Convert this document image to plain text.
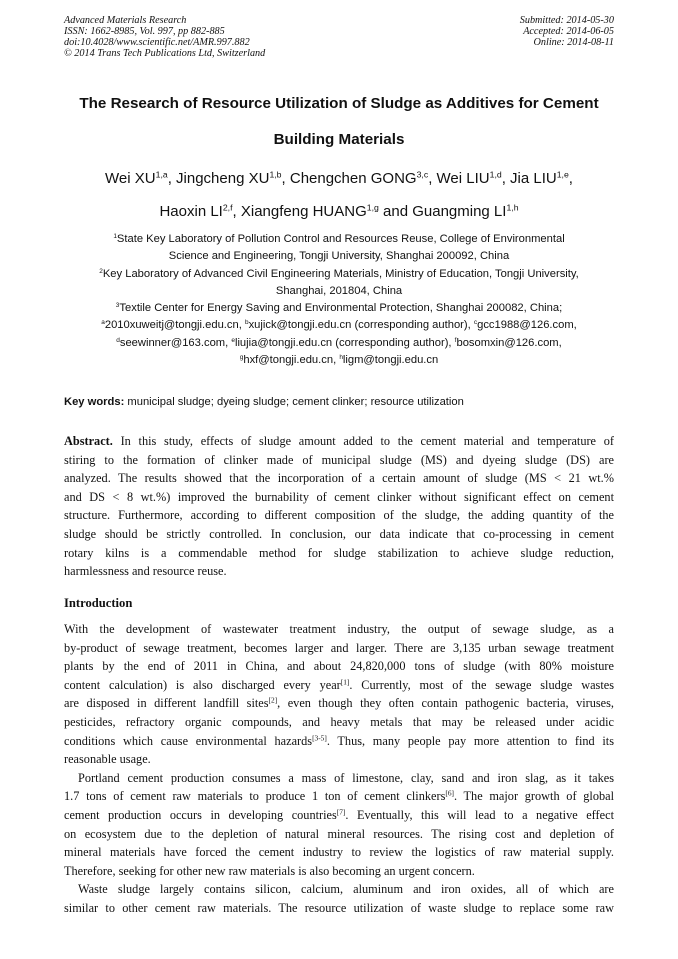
Advanced Materials Research
ISSN: 1662-8985, Vol. 997, pp 882-885
doi:10.4028/www.scientific.net/AMR.997.882
© 2014 Trans Tech Publications Ltd, Switzerland
Submitted: 2014-05-30
Accepted: 2014-06-05
Online: 2014-08-11
The Research of Resource Utilization of Sludge as Additives for Cement
Building Materials
Wei XU$^{1,a}$, Jingcheng XU$^{1,b}$, Chengchen GONG$^{3,c}$, Wei LIU$^{1,d}$, Jia LIU$^{1,e}$,
Haoxin LI$^{2,f}$, Xiangfeng HUANG$^{1,g}$ and Guangming LI$^{1,h}$
$^1$State Key Laboratory of Pollution Control and Resources Reuse, College of Environmental
Science and Engineering, Tongji University, Shanghai 200092, China
$^2$Key Laboratory of Advanced Civil Engineering Materials, Ministry of Education, Tongji University,
Shanghai, 201804, China
$^3$Textile Center for Energy Saving and Environmental Protection, Shanghai 200082, China;
$^a$2010xuweitj@tongji.edu.cn, $^b$xujick@tongji.edu.cn (corresponding author), $^c$gcc1988@126.com,
$^d$seewinner@163.com, $^e$liujia@tongji.edu.cn (corresponding author), $^f$bosomxin@126.com,
$^g$hxf@tongji.edu.cn, $^h$ligm@tongji.edu.cn
Key words: municipal sludge; dyeing sludge; cement clinker; resource utilization
Abstract. In this study, effects of sludge amount added to the cement material and temperature of
stiring to the formation of clinker made of municipal sludge (MS) and dyeing sludge (DS) are
analyzed. The results showed that the incorporation of a certain amount of sludge (MS < 21 wt.%
and DS < 8 wt.%) improved the burnability of cement clinker without significant effect on cement
structure. Furthermore, according to different composition of the sludge, the adding quantity of the
sludge should be strictly controlled. In conclusion, our data indicate that co-processing in cement
rotary kilns is a commendable method for sludge stabilization to achieve sludge reduction,
harmlessness and resource reuse.
Introduction
With the development of wastewater treatment industry, the output of sewage sludge, as a
by-product of sewage treatment, becomes larger and larger. There are 3,135 urban sewage treatment
plants by the end of 2011 in China, and about 24,820,000 tons of sludge (with 80% moisture
content calculation) is also discharged every year[1]. Currently, most of the sewage sludge wastes
are disposed in different landfill sites[2], even though they often contain pathogenic bacteria, viruses,
pesticides, refractory organic compounds, and heavy metals that may be released under acidic
conditions which cause environmental hazards[3-5]. Thus, many people pay more attention to find its
reasonable usage.
Portland cement production consumes a mass of limestone, clay, sand and iron slag, as it takes
1.7 tons of cement raw materials to produce 1 ton of cement clinkers[6]. The major growth of global
cement production occurs in developing countries[7]. Eventually, this will lead to a negative effect
on ecosystem due to the depletion of natural mineral resources. The rising cost and depletion of
mineral materials have forced the cement industry to review the logistics of raw material supply.
Therefore, seeking for other new raw materials is also becoming an urgent concern.
Waste sludge largely contains silicon, calcium, aluminum and iron oxides, all of which are
similar to other cement raw materials. The resource utilization of waste sludge to replace some raw
